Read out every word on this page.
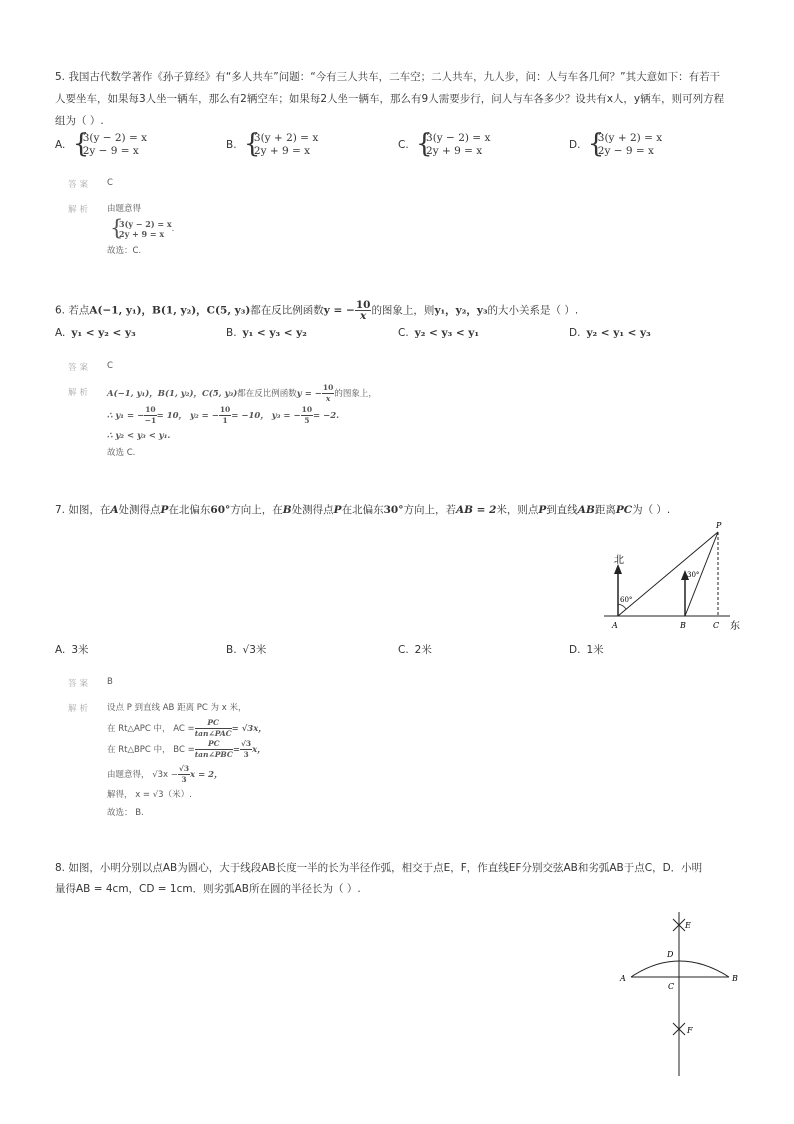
5. 我国古代数学著作《孙子算经》有“多人共车”问题：“今有三人共车，二车空；二人共车，九人步，问：人与车各几何？”其大意如下：有若干
人要坐车，如果每3人坐一辆车，那么有2辆空车；如果每2人坐一辆车，那么有9人需要步行，问人与车各多少？设共有x人，y辆车，则可列方程
组为（ ）.
A.
{ 3(y − 2) = x
2y − 9 = x	B.
{ 3(y + 2) = x
2y + 9 = x	C.
{ 3(y − 2) = x
2y + 9 = x	D.
{ 3(y + 2) = x
2y − 9 = x
答案 C
解析 由题意得
{ 3(y − 2) = x
2y + 9 = x .
故选：C.
6. 若点A(−1, y₁)，B(1, y₂)，C(5, y₃)都在反比例函数y = − $\frac{10}{x}$ 的图象上，则y₁，y₂，y₃的大小关系是（ ）.
A. y₁ < y₂ < y₃	B. y₁ < y₃ < y₂	C. y₂ < y₃ < y₁	D. y₂ < y₁ < y₃
答案 C
解析 A(−1, y₁)，B(1, y₂)，C(5, y₃)都在反比例函数y = − $\frac{10}{x}$ 的图象上，
∴ y₁ = − $\frac{10}{-1} = 10$， y₂ = − $\frac{10}{1} = -10$， y₃ = − $\frac{10}{5} = -2$.
∴ y₂ < y₃ < y₁.
故选 C.
7. 如图，在A处测得点P在北偏东60°方向上，在B处测得点P在北偏东30°方向上，若AB = 2米，则点P到直线AB距离PC为（ ）.
北
60°
30°
A	B	C
P
东
A. 3米	B. √3米	C. 2米	D. 1米
答案 B
解析 设点 P 到直线 AB 距离 PC 为 x 米，
在 Rt△APC 中， AC = $\frac{PC}{\text{tan∠PAC}} = √3x$，
在 Rt△BPC 中， BC = $\frac{PC}{\text{tan∠PBC}} = \frac{√3}{3}$ x，
由题意得， $√3x - \frac{√3}{3}$ x = 2，
解得， x = √3（米）.
故选： B.
8. 如图，小明分别以点AB为圆心，大于线段AB长度一半的长为半径作弧，相交于点E，F，作直线EF分别交弦AB和劣弧AB于点C，D．小明
量得AB = 4cm，CD = 1cm．则劣弧AB所在圆的半径长为（ ）.
E
D
A	B
C
F
